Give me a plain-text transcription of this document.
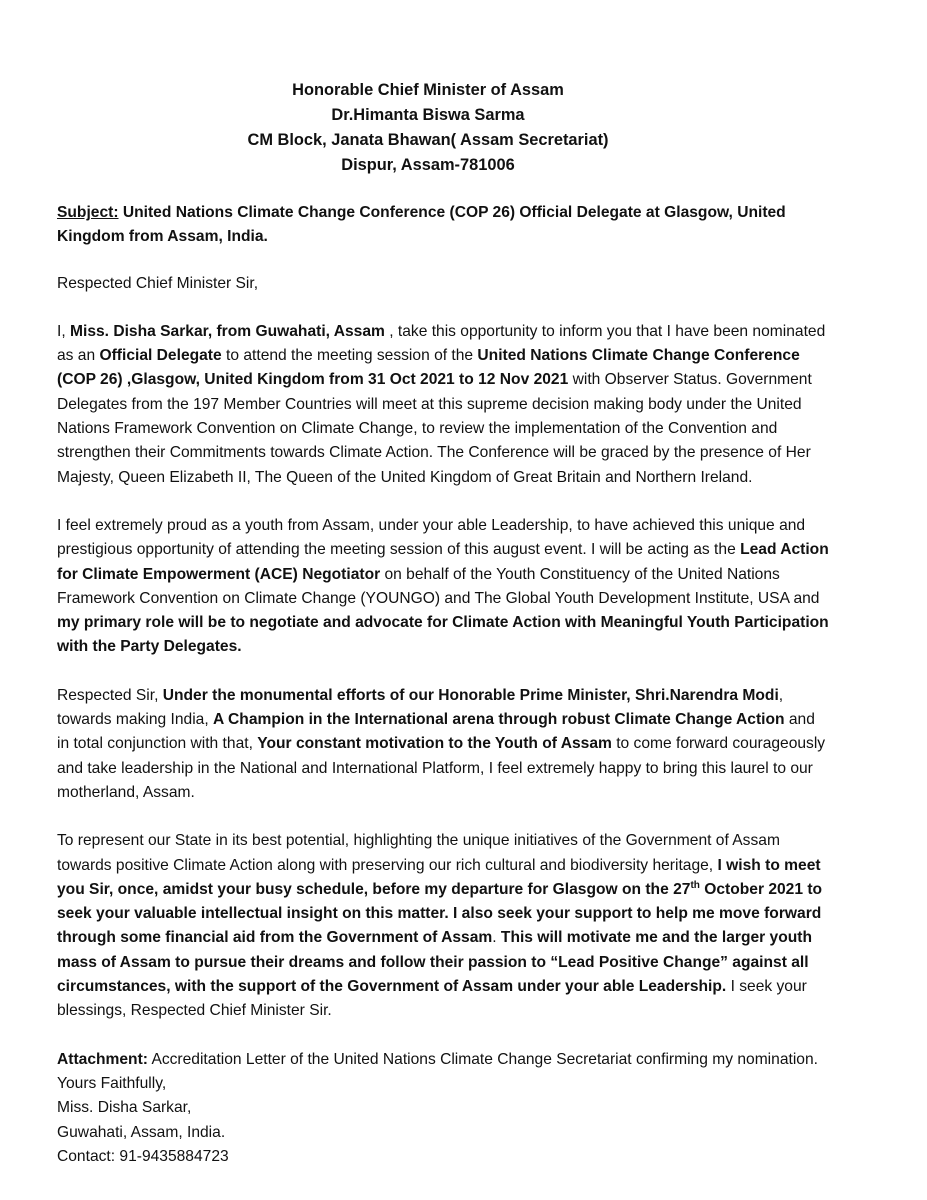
Honorable Chief Minister of Assam
Dr.Himanta Biswa Sarma
CM Block, Janata Bhawan( Assam Secretariat)
Dispur, Assam-781006

Subject: United Nations Climate Change Conference (COP 26) Official Delegate at Glasgow, United Kingdom from Assam, India.

Respected Chief Minister Sir,

I, Miss. Disha Sarkar, from Guwahati, Assam , take this opportunity to inform you that I have been nominated as an Official Delegate to attend the meeting session of the United Nations Climate Change Conference (COP 26) ,Glasgow, United Kingdom from 31 Oct 2021 to 12 Nov 2021 with Observer Status. Government Delegates from the 197 Member Countries will meet at this supreme decision making body under the United Nations Framework Convention on Climate Change, to review the implementation of the Convention and strengthen their Commitments towards Climate Action. The Conference will be graced by the presence of Her Majesty, Queen Elizabeth II, The Queen of the United Kingdom of Great Britain and Northern Ireland.

I feel extremely proud as a youth from Assam, under your able Leadership, to have achieved this unique and prestigious opportunity of attending the meeting session of this august event. I will be acting as the Lead Action for Climate Empowerment (ACE) Negotiator on behalf of the Youth Constituency of the United Nations Framework Convention on Climate Change (YOUNGO) and The Global Youth Development Institute, USA and my primary role will be to negotiate and advocate for Climate Action with Meaningful Youth Participation with the Party Delegates.

Respected Sir, Under the monumental efforts of our Honorable Prime Minister, Shri.Narendra Modi, towards making India, A Champion in the International arena through robust Climate Change Action and in total conjunction with that, Your constant motivation to the Youth of Assam to come forward courageously and take leadership in the National and International Platform, I feel extremely happy to bring this laurel to our motherland, Assam.

To represent our State in its best potential, highlighting the unique initiatives of the Government of Assam towards positive Climate Action along with preserving our rich cultural and biodiversity heritage, I wish to meet you Sir, once, amidst your busy schedule, before my departure for Glasgow on the 27th October 2021 to seek your valuable intellectual insight on this matter. I also seek your support to help me move forward through some financial aid from the Government of Assam. This will motivate me and the larger youth mass of Assam to pursue their dreams and follow their passion to “Lead Positive Change” against all circumstances, with the support of the Government of Assam under your able Leadership. I seek your blessings, Respected Chief Minister Sir.

Attachment: Accreditation Letter of the United Nations Climate Change Secretariat confirming my nomination.

Yours Faithfully,
Miss. Disha Sarkar,
Guwahati, Assam, India.
Contact: 91-9435884723
